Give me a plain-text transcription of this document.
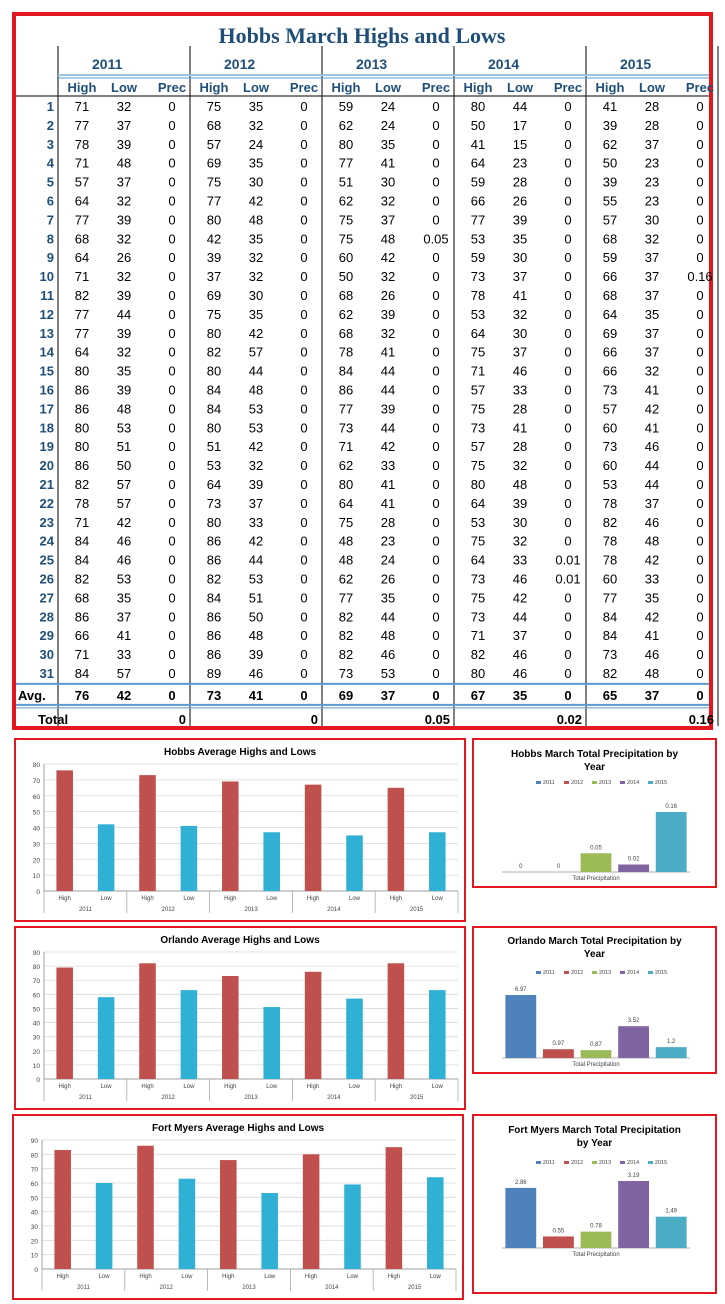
Hobbs March Highs and Lows
2011	2012	2013	2014	2015
High Low Prec High Low Prec High Low Prec High Low Prec High Low Prec
1 71 32	0 75 35	0 59 24	0 80 44	0 41 28	0
2 77 37	0 68 32	0 62 24	0 50 17	0 39 28	0
3 78 39	0 57 24	0 80 35	0 41 15	0 62 37	0
4 71 48	0 69 35	0 77 41	0 64 23	0 50 23	0
5 57 37	0 75 30	0 51 30	0 59 28	0 39 23	0
6 64 32	0 77 42	0 62 32	0 66 26	0 55 23	0
7 77 39	0 80 48	0 75 37	0 77 39	0 57 30	0
8 68 32	0 42 35	0 75 48 0.05 53 35	0 68 32	0
9 64 26	0 39 32	0 60 42	0 59 30	0 59 37	0
10 71 32	0 37 32	0 50 32	0 73 37	0 66 37 0.16
11 82 39	0 69 30	0 68 26	0 78 41	0 68 37	0
12 77 44	0 75 35	0 62 39	0 53 32	0 64 35	0
13 77 39	0 80 42	0 68 32	0 64 30	0 69 37	0
14 64 32	0 82 57	0 78 41	0 75 37	0 66 37	0
15 80 35	0 80 44	0 84 44	0 71 46	0 66 32	0
16 86 39	0 84 48	0 86 44	0 57 33	0 73 41	0
17 86 48	0 84 53	0 77 39	0 75 28	0 57 42	0
18 80 53	0 80 53	0 73 44	0 73 41	0 60 41	0
19 80 51	0 51 42	0 71 42	0 57 28	0 73 46	0
20 86 50	0 53 32	0 62 33	0 75 32	0 60 44	0
21 82 57	0 64 39	0 80 41	0 80 48	0 53 44	0
22 78 57	0 73 37	0 64 41	0 64 39	0 78 37	0
23 71 42	0 80 33	0 75 28	0 53 30	0 82 46	0
24 84 46	0 86 42	0 48 23	0 75 32	0 78 48	0
25 84 46	0 86 44	0 48 24	0 64 33 0.01 78 42	0
26 82 53	0 82 53	0 62 26	0 73 46 0.01 60 33	0
27 68 35	0 84 51	0 77 35	0 75 42	0 77 35	0
28 86 37	0 86 50	0 82 44	0 73 44	0 84 42	0
29 66 41	0 86 48	0 82 48	0 71 37	0 84 41	0
30 71 33	0 86 39	0 82 46	0 82 46	0 73 46	0
31 84 57	0 89 46	0 73 53	0 80 46	0 82 48	0
Avg. 76 42	0 73 41	0 69 37	0 67 35	0 65 37	0
Total	0	0	0.05	0.02	0.16
Hobbs Average Highs and Lows
0
10
20
30
40
50
60
70
80
High	Low	High	Low	High	Low	High	Low	High	Low
2011	2012	2013	2014	2015
Hobbs March Total Precipitation by
Year
2011	2012	2013	2014	2015
0	0
0.05
0.02
0.16
Total Precipitation
Orlando Average Highs and Lows
0
10
20
30
40
50
60
70
80
90
High	Low	High	Low	High	Low	High	Low	High	Low
2011	2012	2013	2014	2015
Orlando March Total Precipitation by
Year
2011	2012	2013	2014	2015
6.97
0.97	0.87
3.52
1.2
Total Precipitation
Fort Myers Average Highs and Lows
0
10
20
30
40
50
60
70
80
90
High	Low	High	Low	High	Low	High	Low	High	Low
2011	2012	2013	2014	2015
Fort Myers March Total Precipitation
by Year
2011	2012	2013	2014	2015
2.86
0.55
0.78
3.19
1.49
Total Precipitation
